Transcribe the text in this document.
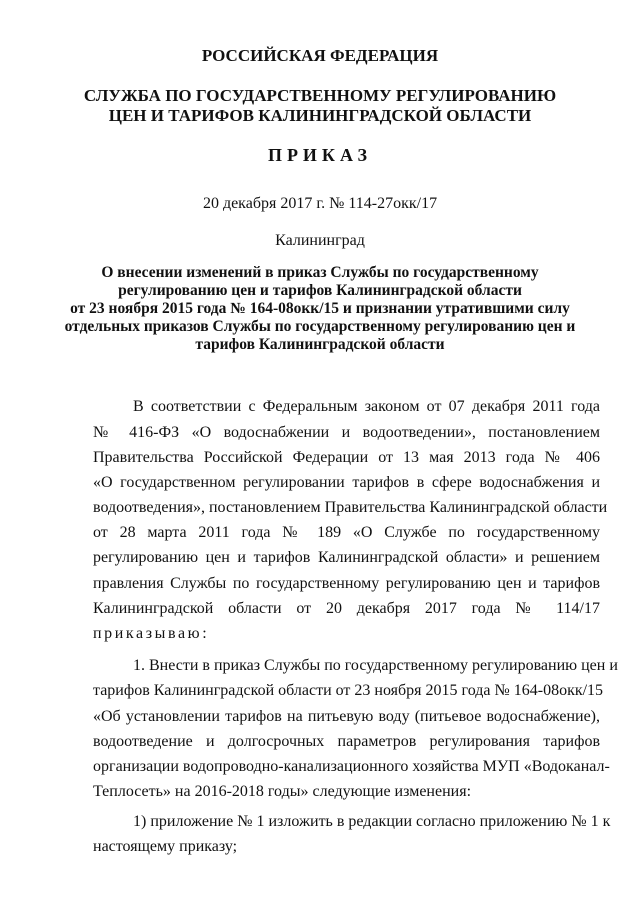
РОССИЙСКАЯ ФЕДЕРАЦИЯ
СЛУЖБА ПО ГОСУДАРСТВЕННОМУ РЕГУЛИРОВАНИЮ
ЦЕН И ТАРИФОВ КАЛИНИНГРАДСКОЙ ОБЛАСТИ
ПРИКАЗ
20 декабря 2017 г. № 114-27окк/17
Калининград
О внесении изменений в приказ Службы по государственному
регулированию цен и тарифов Калининградской области
от 23 ноября 2015 года № 164-08окк/15 и признании утратившими силу
отдельных приказов Службы по государственному регулированию цен и
тарифов Калининградской области
В соответствии с Федеральным законом от 07 декабря 2011 года
№ 416-ФЗ «О водоснабжении и водоотведении», постановлением
Правительства Российской Федерации от 13 мая 2013 года № 406
«О государственном регулировании тарифов в сфере водоснабжения и
водоотведения», постановлением Правительства Калининградской области
от 28 марта 2011 года № 189 «О Службе по государственному
регулированию цен и тарифов Калининградской области» и решением
правления Службы по государственному регулированию цен и тарифов
Калининградской области от 20 декабря 2017 года № 114/17
приказываю:
1. Внести в приказ Службы по государственному регулированию цен и
тарифов Калининградской области от 23 ноября 2015 года № 164-08окк/15
«Об установлении тарифов на питьевую воду (питьевое водоснабжение),
водоотведение и долгосрочных параметров регулирования тарифов
организации водопроводно-канализационного хозяйства МУП «Водоканал-
Теплосеть» на 2016-2018 годы» следующие изменения:
1) приложение № 1 изложить в редакции согласно приложению № 1 к
настоящему приказу;
